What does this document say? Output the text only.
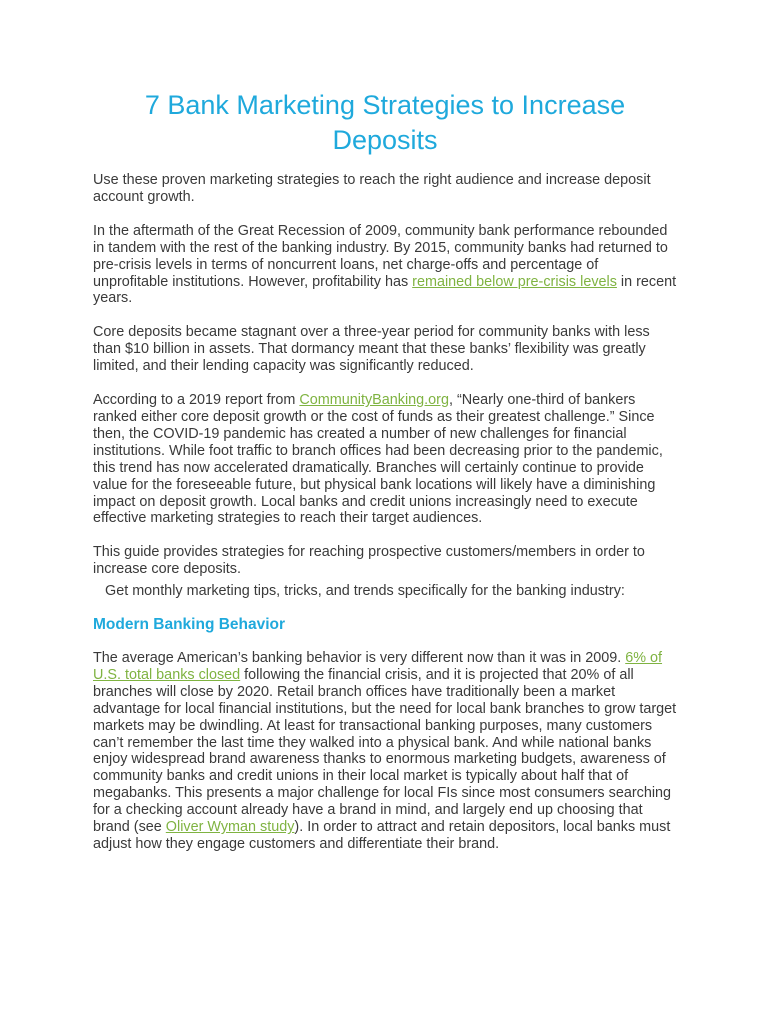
7 Bank Marketing Strategies to Increase Deposits

Use these proven marketing strategies to reach the right audience and increase deposit account growth.

In the aftermath of the Great Recession of 2009, community bank performance rebounded in tandem with the rest of the banking industry. By 2015, community banks had returned to pre-crisis levels in terms of noncurrent loans, net charge-offs and percentage of unprofitable institutions. However, profitability has remained below pre-crisis levels in recent years.

Core deposits became stagnant over a three-year period for community banks with less than $10 billion in assets. That dormancy meant that these banks’ flexibility was greatly limited, and their lending capacity was significantly reduced.

According to a 2019 report from CommunityBanking.org, “Nearly one-third of bankers ranked either core deposit growth or the cost of funds as their greatest challenge.” Since then, the COVID-19 pandemic has created a number of new challenges for financial institutions. While foot traffic to branch offices had been decreasing prior to the pandemic, this trend has now accelerated dramatically. Branches will certainly continue to provide value for the foreseeable future, but physical bank locations will likely have a diminishing impact on deposit growth. Local banks and credit unions increasingly need to execute effective marketing strategies to reach their target audiences.

This guide provides strategies for reaching prospective customers/members in order to increase core deposits.

Get monthly marketing tips, tricks, and trends specifically for the banking industry:

Modern Banking Behavior

The average American’s banking behavior is very different now than it was in 2009. 6% of U.S. total banks closed following the financial crisis, and it is projected that 20% of all branches will close by 2020. Retail branch offices have traditionally been a market advantage for local financial institutions, but the need for local bank branches to grow target markets may be dwindling. At least for transactional banking purposes, many customers can’t remember the last time they walked into a physical bank. And while national banks enjoy widespread brand awareness thanks to enormous marketing budgets, awareness of community banks and credit unions in their local market is typically about half that of megabanks. This presents a major challenge for local FIs since most consumers searching for a checking account already have a brand in mind, and largely end up choosing that brand (see Oliver Wyman study). In order to attract and retain depositors, local banks must adjust how they engage customers and differentiate their brand.
